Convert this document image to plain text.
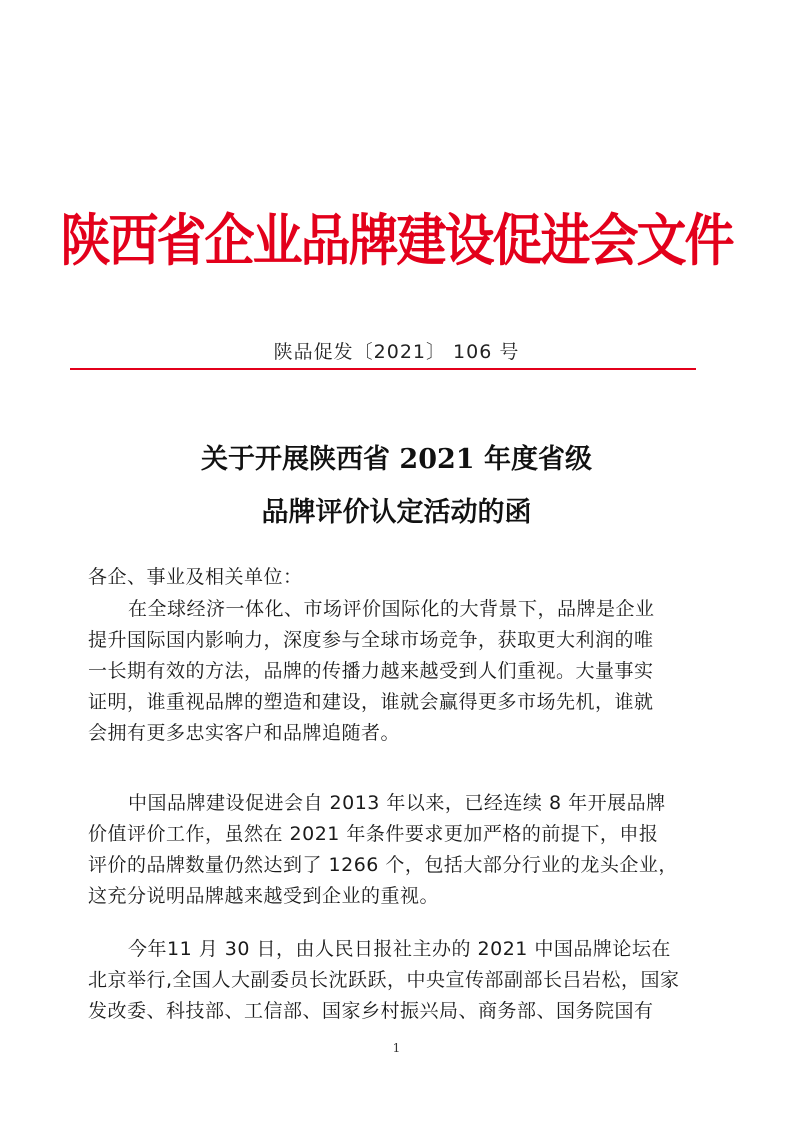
陕西省企业品牌建设促进会文件
陕品促发〔2021〕 106 号
关于开展陕西省 2021 年度省级
品牌评价认定活动的函
各企、事业及相关单位：
在全球经济一体化、市场评价国际化的大背景下，品牌是企业
提升国际国内影响力，深度参与全球市场竞争，获取更大利润的唯
一长期有效的方法，品牌的传播力越来越受到人们重视。大量事实
证明，谁重视品牌的塑造和建设，谁就会赢得更多市场先机，谁就
会拥有更多忠实客户和品牌追随者。
中国品牌建设促进会自 2013 年以来，已经连续 8 年开展品牌
价值评价工作，虽然在 2021 年条件要求更加严格的前提下，申报
评价的品牌数量仍然达到了 1266 个，包括大部分行业的龙头企业，
这充分说明品牌越来越受到企业的重视。
今年11 月 30 日，由人民日报社主办的 2021 中国品牌论坛在
北京举行,全国人大副委员长沈跃跃，中央宣传部副部长吕岩松，国家
发改委、科技部、工信部、国家乡村振兴局、商务部、国务院国有
1
